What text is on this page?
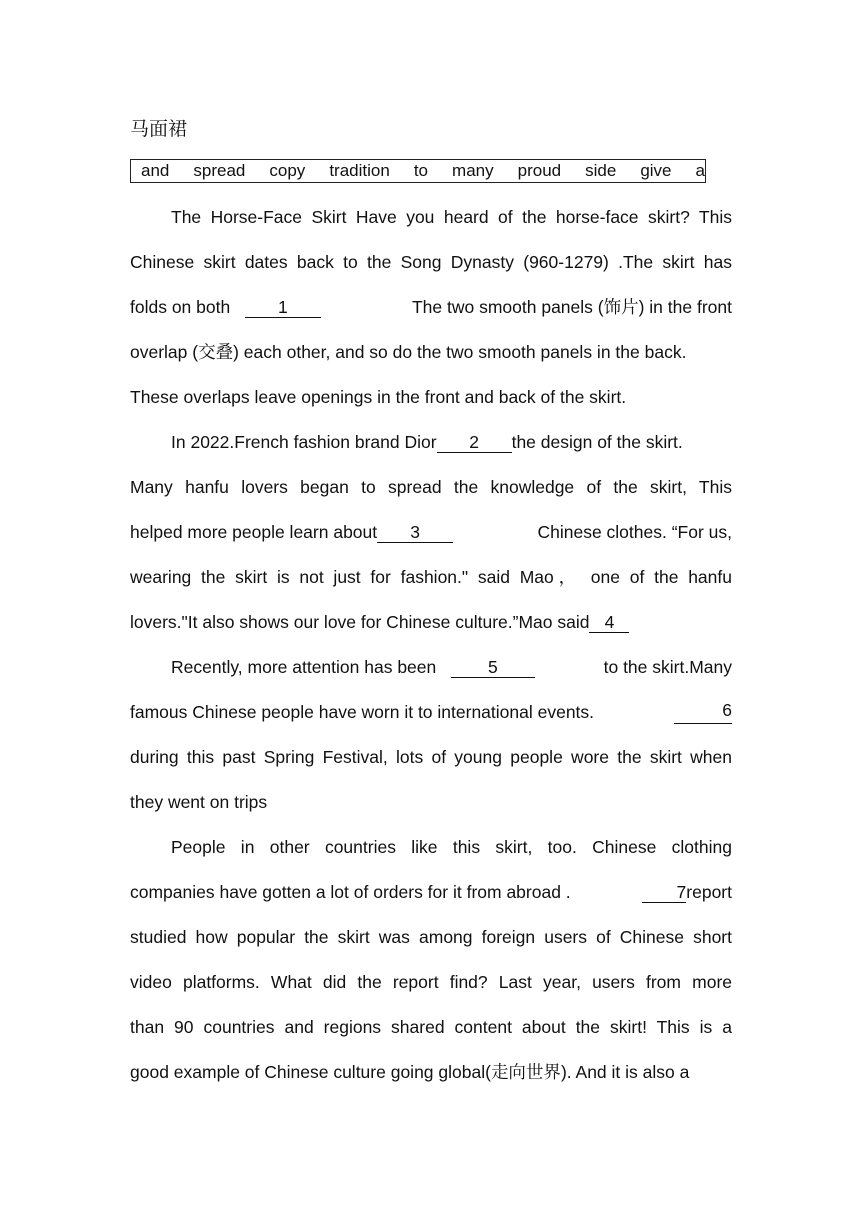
马面裙
and spread copy tradition to many proud side give a
The Horse-Face Skirt Have you heard of the horse-face skirt? This
Chinese skirt dates back to the Song Dynasty (960-1279) .The skirt has
folds on both	1	The two smooth panels (饰片) in the front
overlap (交叠) each other, and so do the two smooth panels in the back.
These overlaps leave openings in the front and back of the skirt.
In 2022.French fashion brand Dior 2 the design of the skirt.
Many hanfu lovers began to spread the knowledge of the skirt, This
helped more people learn about 3	Chinese clothes. “For us,
wearing the skirt is not just for fashion." said Mao， one of the hanfu
lovers."It also shows our love for Chinese culture.”Mao said 4
Recently, more attention has been	5	to the skirt.Many
famous Chinese people have worn it to international events.	6
during this past Spring Festival, lots of young people wore the skirt when
they went on trips
People in other countries like this skirt, too. Chinese clothing
companies have gotten a lot of orders for it from abroad .	7report
studied how popular the skirt was among foreign users of Chinese short
video platforms. What did the report find? Last year, users from more
than 90 countries and regions shared content about the skirt! This is a
good example of Chinese culture going global(走向世界). And it is also a
